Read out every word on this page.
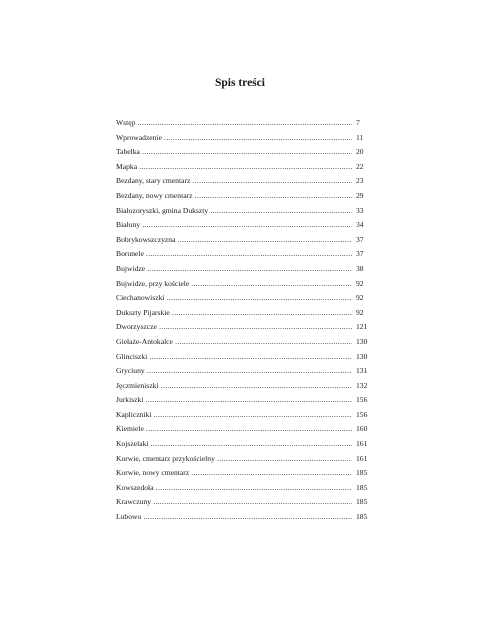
Spis treści
Wstęp .....	7
Wprowadzenie .....	11
Tabelka .....	20
Mapka .....	22
Bezdany, stary cmentarz .....	23
Bezdany, nowy cmentarz .....	29
Białozoryszki, gmina Dukszty .....	33
Białuny .....	34
Bobrykowszczyzna .....	37
Borunele .....	37
Bujwidze .....	38
Bujwidze, przy kościele .....	92
Ciechanowiszki .....	92
Dukszty Pijarskie .....	92
Dworzyszcze .....	121
Giełaże-Antokalce .....	130
Glinciszki .....	130
Gryciuny .....	131
Jęczmieniszki .....	132
Jurkiszki .....	156
Kapliczniki .....	156
Kiemiele .....	160
Kojszelaki .....	161
Korwie, cmentarz przykościelny .....	161
Korwie, nowy cmentarz .....	185
Kowszedoła .....	185
Krawczuny .....	185
Lubowo .....	185
